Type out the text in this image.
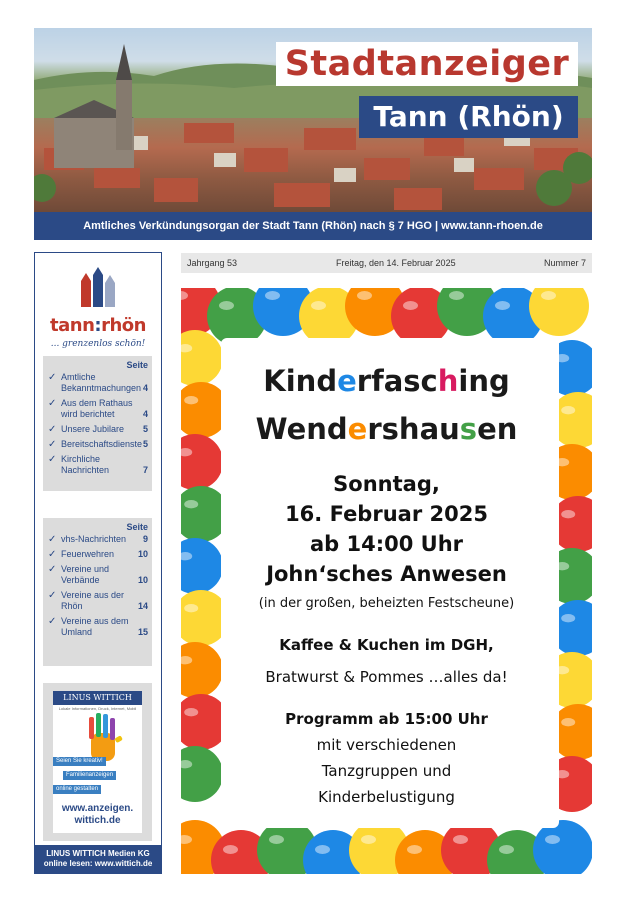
Stadtanzeiger
Tann (Rhön)
Amtliches Verkündungsorgan der Stadt Tann (Rhön) nach § 7 HGO | www.tann-rhoen.de
tann:rhön
... grenzenlos schön!
Seite
✓ Amtliche Bekanntmachungen 4
✓ Aus dem Rathaus wird berichtet	4
✓ Unsere Jubilare	5
✓ Bereitschaftsdienste 5
✓ Kirchliche Nachrichten	7
Seite
✓ vhs-Nachrichten	9
✓ Feuerwehren	10
✓ Vereine und Verbände	10
✓ Vereine aus der Rhön	14
✓ Vereine aus dem Umland	15
LINUS WITTICH
Lokale Informationen, Druck, Internet, Mobil
Seien Sie kreativ!
Familienanzeigen
online gestalten
www.anzeigen.
wittich.de
LINUS WITTICH Medien KG
online lesen: www.wittich.de
Jahrgang 53	Freitag, den 14. Februar 2025	Nummer 7
Kinderfasching
Wendershausen
Sonntag,
16. Februar 2025
ab 14:00 Uhr
John‘sches Anwesen
(in der großen, beheizten Festscheune)
Kaffee & Kuchen im DGH,
Bratwurst & Pommes …alles da!
Programm ab 15:00 Uhr
mit verschiedenen
Tanzgruppen und
Kinderbelustigung
